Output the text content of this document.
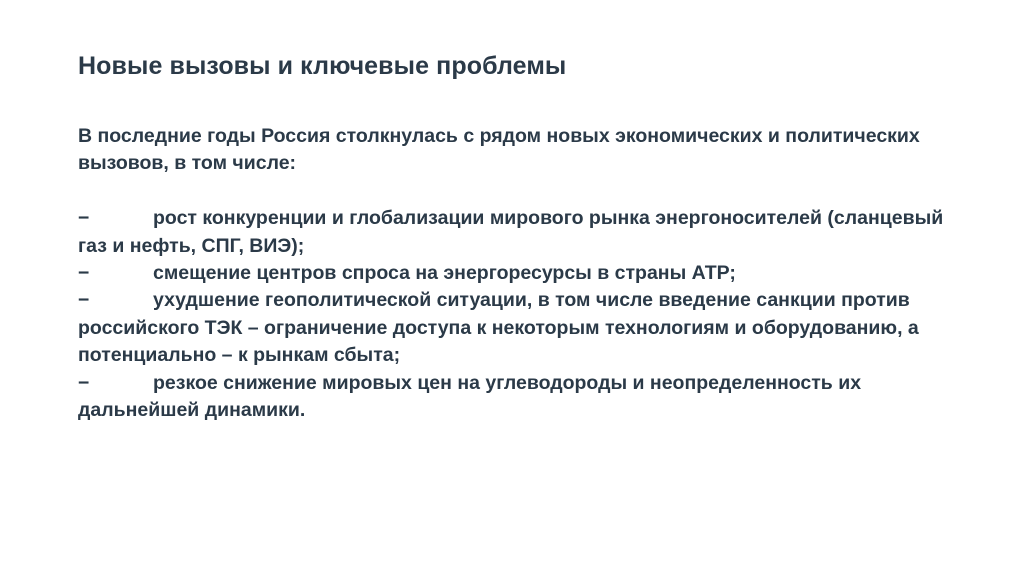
Новые вызовы и ключевые проблемы

В последние годы Россия столкнулась с рядом новых экономических и политических вызовов, в том числе:

−	рост конкуренции и глобализации мирового рынка энергоносителей (сланцевый газ и нефть, СПГ, ВИЭ);

−	смещение центров спроса на энергоресурсы в страны АТР;

−	ухудшение геополитической ситуации, в том числе введение санкции против российского ТЭК – ограничение доступа к некоторым технологиям и оборудованию, а потенциально – к рынкам сбыта;

−	резкое снижение мировых цен на углеводороды и неопределенность их дальнейшей динамики.
